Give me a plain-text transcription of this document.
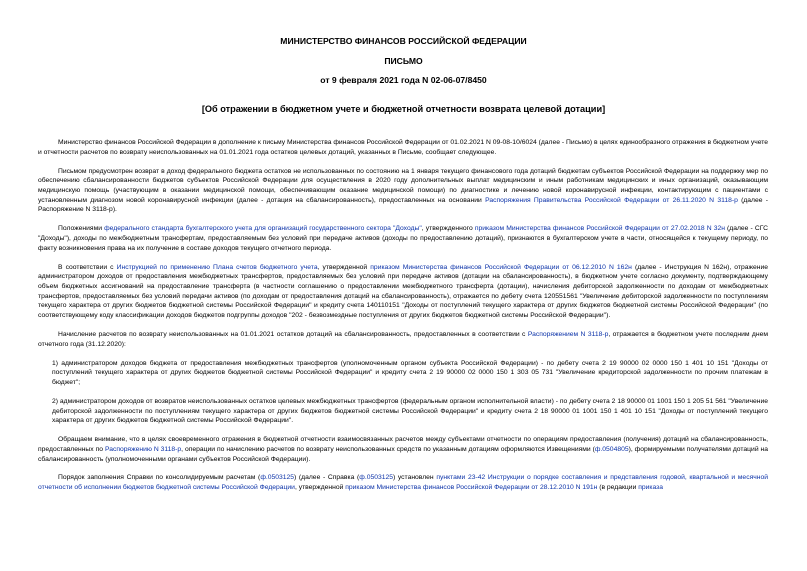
МИНИСТЕРСТВО ФИНАНСОВ РОССИЙСКОЙ ФЕДЕРАЦИИ
ПИСЬМО
от 9 февраля 2021 года N 02-06-07/8450
[Об отражении в бюджетном учете и бюджетной отчетности возврата целевой дотации]

Министерство финансов Российской Федерации в дополнение к письму Министерства финансов Российской Федерации от 01.02.2021 N 09-08-10/6024 (далее - Письмо) в целях единообразного отражения в бюджетном учете и отчетности расчетов по возврату неиспользованных на 01.01.2021 года остатков целевых дотаций, указанных в Письме, сообщает следующее.

Письмом предусмотрен возврат в доход федерального бюджета остатков не использованных по состоянию на 1 января текущего финансового года дотаций бюджетам субъектов Российской Федерации на поддержку мер по обеспечению сбалансированности бюджетов субъектов Российской Федерации для осуществления в 2020 году дополнительных выплат медицинским и иным работникам медицинских и иных организаций, оказывающим медицинскую помощь (участвующим в оказании медицинской помощи, обеспечивающим оказание медицинской помощи) по диагностике и лечению новой коронавирусной инфекции, контактирующим с пациентами с установленным диагнозом новой коронавирусной инфекции (далее - дотация на сбалансированность), предоставленных на основании Распоряжения Правительства Российской Федерации от 26.11.2020 N 3118-р (далее - Распоряжение N 3118-р).

Положениями федерального стандарта бухгалтерского учета для организаций государственного сектора "Доходы", утвержденного приказом Министерства финансов Российской Федерации от 27.02.2018 N 32н (далее - СГС "Доходы"), доходы по межбюджетным трансфертам, предоставляемым без условий при передаче активов (доходы по предоставлению дотаций), признаются в бухгалтерском учете в части, относящейся к текущему периоду, по факту возникновения права на их получение в составе доходов текущего отчетного периода.

В соответствии с Инструкцией по применению Плана счетов бюджетного учета, утвержденной приказом Министерства финансов Российской Федерации от 06.12.2010 N 162н (далее - Инструкция N 162н), отражение администратором доходов от предоставления межбюджетных трансфертов, предоставляемых без условий при передаче активов (дотации на сбалансированность), в бюджетном учете согласно документу, подтверждающему объем бюджетных ассигнований на предоставление трансферта (в частности соглашению о предоставлении межбюджетного трансферта (дотации), начисления дебиторской задолженности по доходам от межбюджетных трансфертов, предоставляемых без условий передачи активов (по доходам от предоставления дотаций на сбалансированность), отражается по дебету счета 120551561 "Увеличение дебиторской задолженности по поступлениям текущего характера от других бюджетов бюджетной системы Российской Федерации" и кредиту счета 140110151 "Доходы от поступлений текущего характера от других бюджетов бюджетной системы Российской Федерации" (по соответствующему коду классификации доходов бюджетов подгруппы доходов "202 - безвозмездные поступления от других бюджетов бюджетной системы Российской Федерации").

Начисление расчетов по возврату неиспользованных на 01.01.2021 остатков дотаций на сбалансированность, предоставленных в соответствии с Распоряжением N 3118-р, отражается в бюджетном учете последним днем отчетного года (31.12.2020):

1) администратором доходов бюджета от предоставления межбюджетных трансфертов (уполномоченным органом субъекта Российской Федерации) - по дебету счета 2 19 90000 02 0000 150 1 401 10 151 "Доходы от поступлений текущего характера от других бюджетов бюджетной системы Российской Федерации" и кредиту счета 2 19 90000 02 0000 150 1 303 05 731 "Увеличение кредиторской задолженности по прочим платежам в бюджет";

2) администратором доходов от возвратов неиспользованных остатков целевых межбюджетных трансфертов (федеральным органом исполнительной власти) - по дебету счета 2 18 90000 01 1001 150 1 205 51 561 "Увеличение дебиторской задолженности по поступлениям текущего характера от других бюджетов бюджетной системы Российской Федерации" и кредиту счета 2 18 90000 01 1001 150 1 401 10 151 "Доходы от поступлений текущего характера от других бюджетов бюджетной системы Российской Федерации".

Обращаем внимание, что в целях своевременного отражения в бюджетной отчетности взаимосвязанных расчетов между субъектами отчетности по операциям предоставления (получения) дотаций на сбалансированность, предоставленных по Распоряжению N 3118-р, операции по начислению расчетов по возврату неиспользованных средств по указанным дотациям оформляются Извещениями (ф.0504805), формируемыми получателями дотаций на сбалансированность (уполномоченными органами субъектов Российской Федерации).

Порядок заполнения Справки по консолидируемым расчетам (ф.0503125) (далее - Справка (ф.0503125) установлен пунктами 23-42 Инструкции о порядке составления и представления годовой, квартальной и месячной отчетности об исполнении бюджетов бюджетной системы Российской Федерации, утвержденной приказом Министерства финансов Российской Федерации от 28.12.2010 N 191н (в редакции приказа
